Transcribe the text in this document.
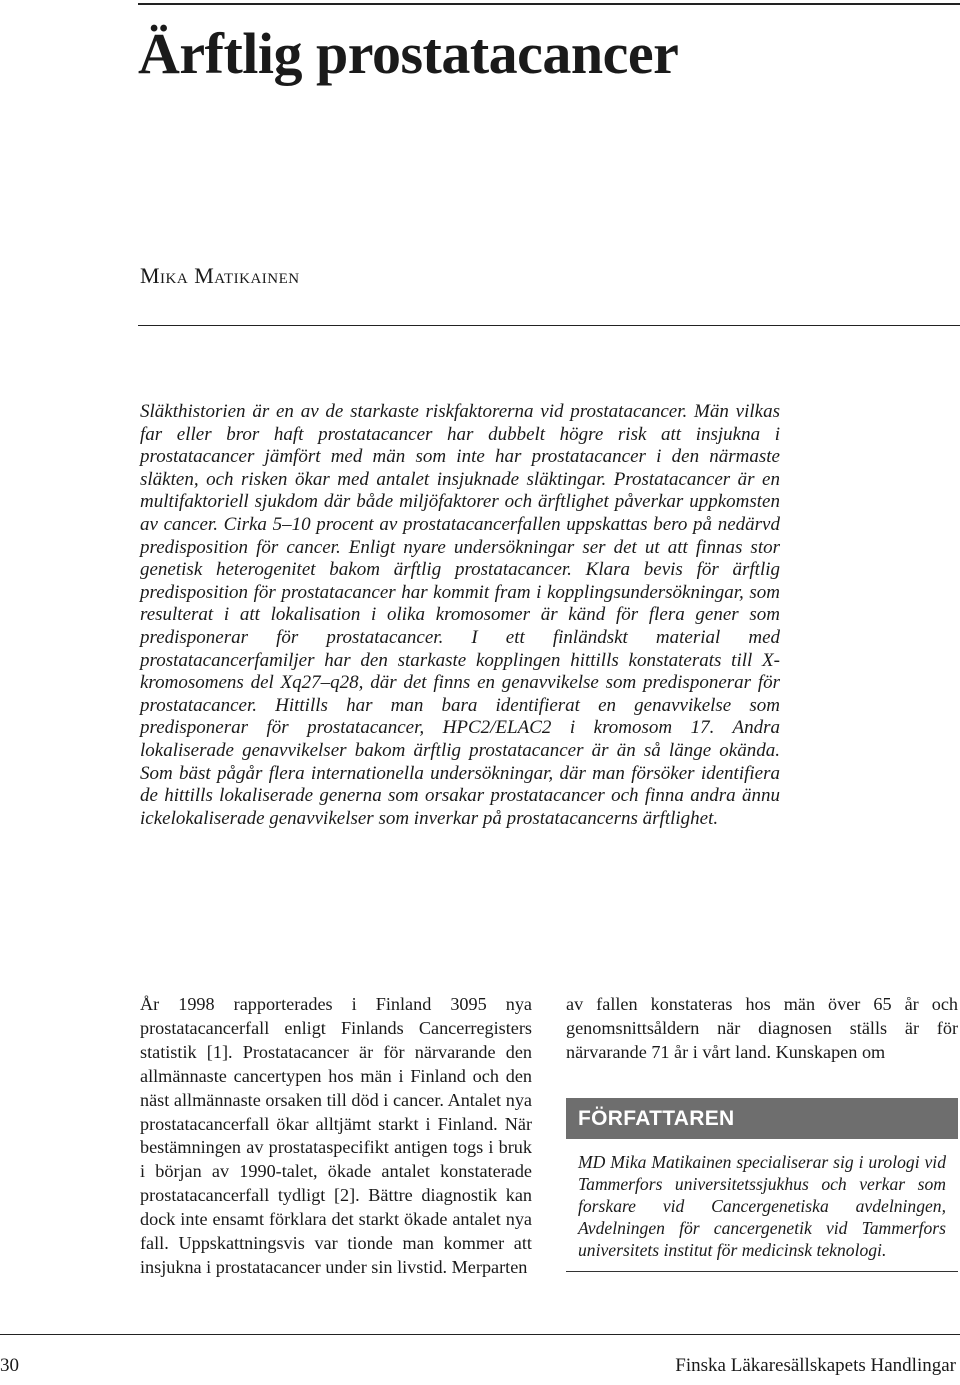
Ärftlig prostatacancer
Mika Matikainen

Släkthistorien är en av de starkaste riskfaktorerna vid prostatacancer. Män vilkas far eller bror haft prostatacancer har dubbelt högre risk att insjukna i prostatacancer jämfört med män som inte har prostatacancer i den närmaste släkten, och risken ökar med antalet insjuknade släktingar. Prostatacancer är en multifaktoriell sjukdom där både miljöfaktorer och ärftlighet påverkar uppkomsten av cancer. Cirka 5–10 procent av prostatacancerfallen uppskattas bero på nedärvd predisposition för cancer. Enligt nyare undersökningar ser det ut att finnas stor genetisk heterogenitet bakom ärftlig prostatacancer. Klara bevis för ärftlig predisposition för prostatacancer har kommit fram i kopplingsundersökningar, som resulterat i att lokalisation i olika kromosomer är känd för flera gener som predisponerar för prostatacancer. I ett finländskt material med prostatacancerfamiljer har den starkaste kopplingen hittills konstaterats till X-kromosomens del Xq27–q28, där det finns en genavvikelse som predisponerar för prostatacancer. Hittills har man bara identifierat en genavvikelse som predisponerar för prostatacancer, HPC2/ELAC2 i kromosom 17. Andra lokaliserade genavvikelser bakom ärftlig prostatacancer är än så länge okända. Som bäst pågår flera internationella undersökningar, där man försöker identifiera de hittills lokaliserade generna som orsakar prostatacancer och finna andra ännu ickelokaliserade genavvikelser som inverkar på prostatacancerns ärftlighet.

År 1998 rapporterades i Finland 3095 nya prostatacancerfall enligt Finlands Cancerregisters statistik [1]. Prostatacancer är för närvarande den allmännaste cancertypen hos män i Finland och den näst allmännaste orsaken till död i cancer. Antalet nya prostatacancerfall ökar alltjämt starkt i Finland. När bestämningen av prostataspecifikt antigen togs i bruk i början av 1990-talet, ökade antalet konstaterade prostatacancerfall tydligt [2]. Bättre diagnostik kan dock inte ensamt förklara det starkt ökade antalet nya fall. Uppskattningsvis var tionde man kommer att insjukna i prostatacancer under sin livstid. Merparten

av fallen konstateras hos män över 65 år och genomsnittsåldern när diagnosen ställs är för närvarande 71 år i vårt land. Kunskapen om

FÖRFATTAREN

MD Mika Matikainen specialiserar sig i urologi vid Tammerfors universitetssjukhus och verkar som forskare vid Cancergenetiska avdelningen, Avdelningen för cancergenetik vid Tammerfors universitets institut för medicinsk teknologi.

30	Finska Läkaresällskapets Handlingar
